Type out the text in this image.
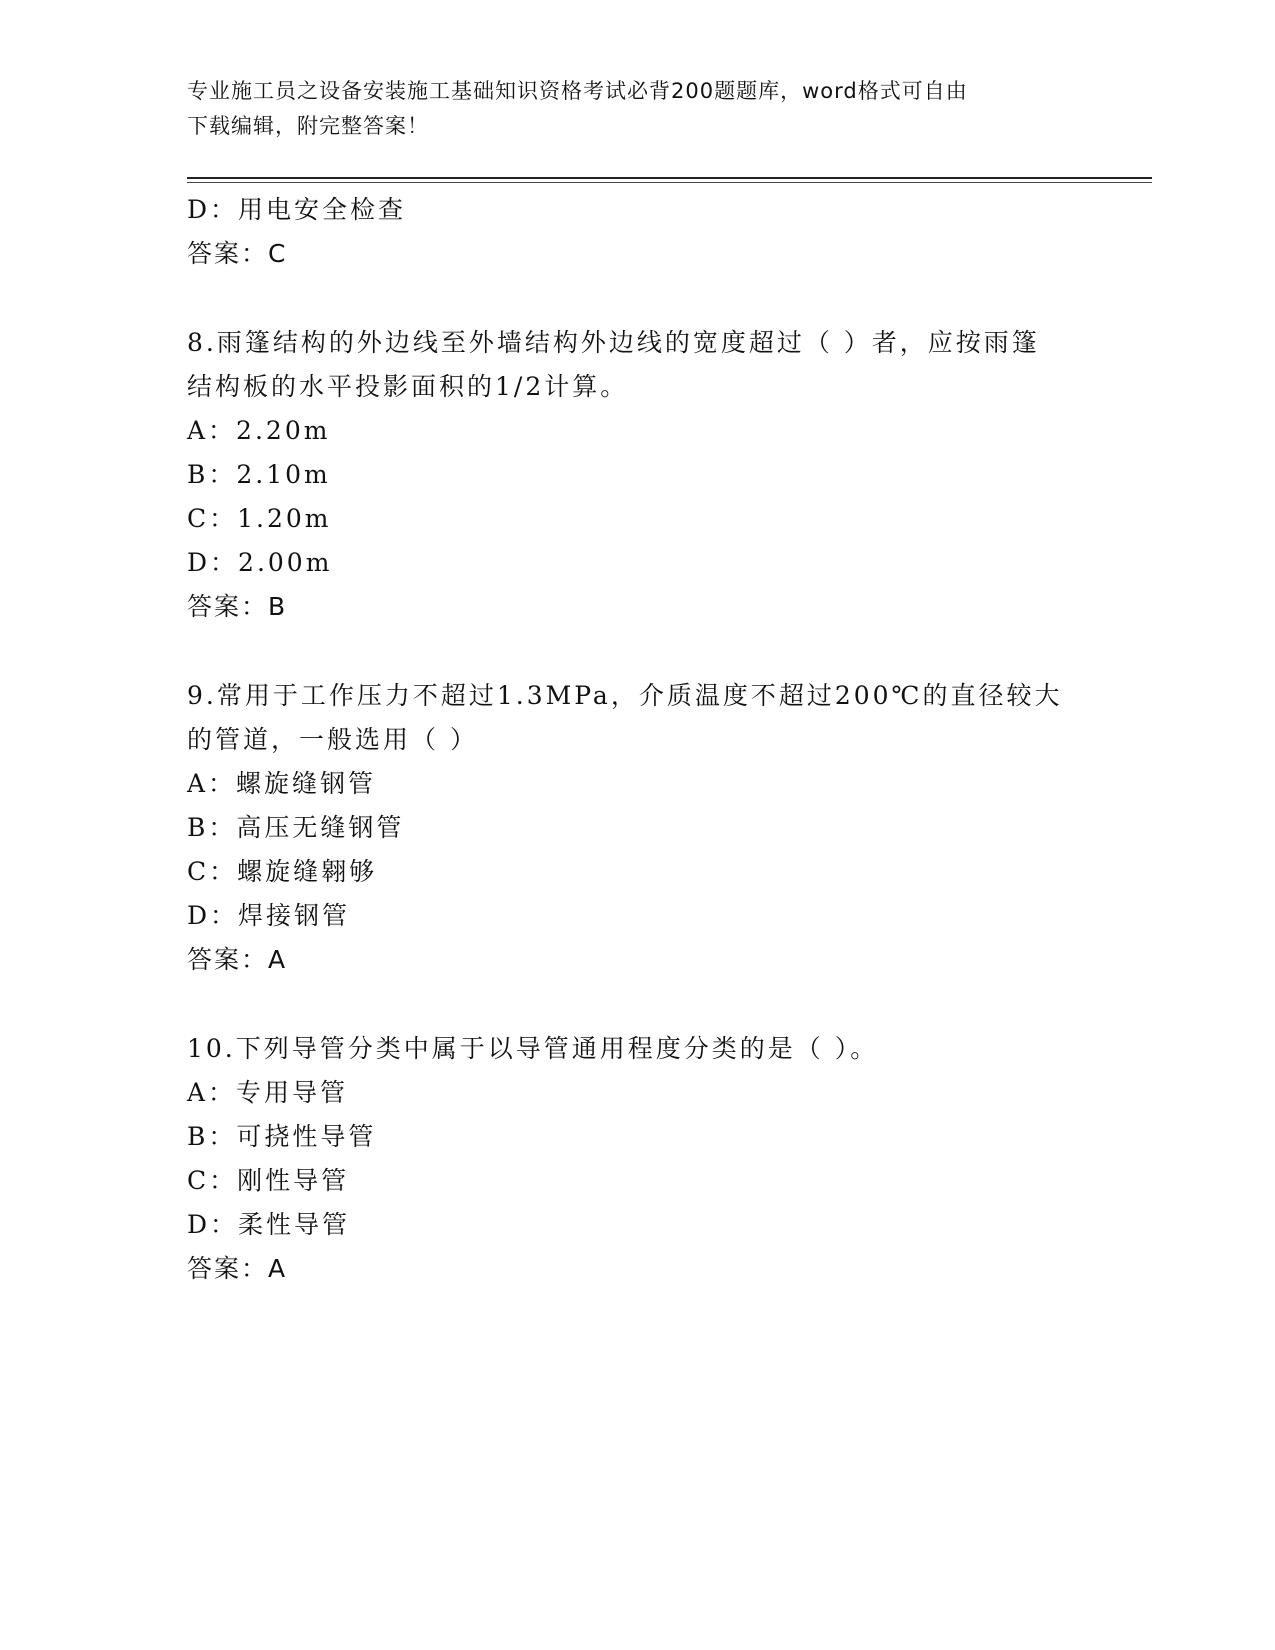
专业施工员之设备安装施工基础知识资格考试必背200题题库，word格式可自由
下载编辑，附完整答案！
D：用电安全检查
答案：C
8.雨篷结构的外边线至外墙结构外边线的宽度超过（ ）者，应按雨篷
结构板的水平投影面积的1/2计算。
A：2.20m
B：2.10m
C：1.20m
D：2.00m
答案：B
9.常用于工作压力不超过1.3MPa，介质温度不超过200℃的直径较大
的管道，一般选用（ ）
A：螺旋缝钢管
B：高压无缝钢管
C：螺旋缝翱够
D：焊接钢管
答案：A
10.下列导管分类中属于以导管通用程度分类的是（ ）。
A：专用导管
B：可挠性导管
C：刚性导管
D：柔性导管
答案：A
